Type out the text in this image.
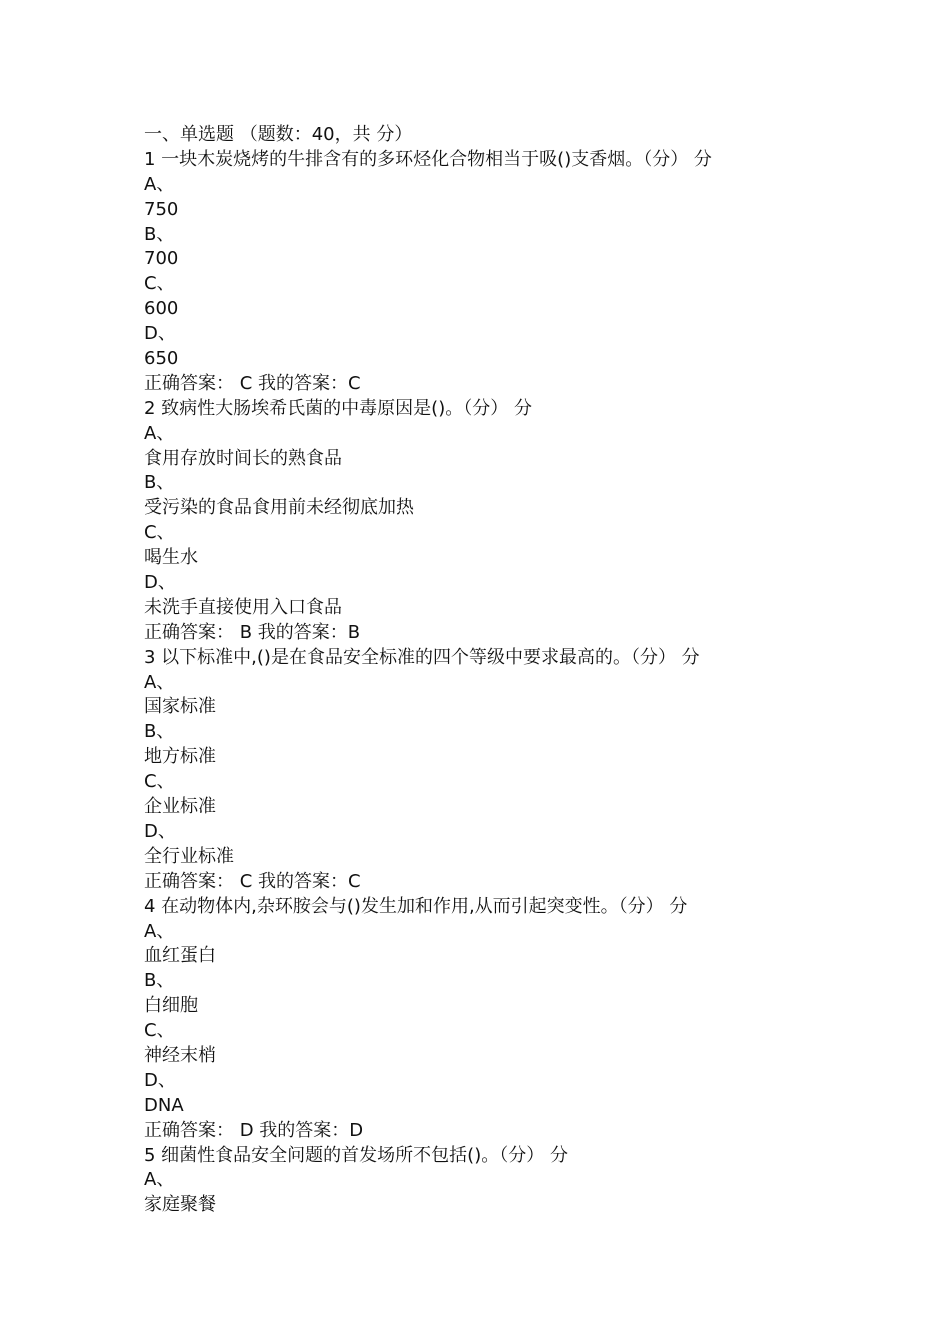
一、单选题 （题数：40，共 分）
1 一块木炭烧烤的牛排含有的多环烃化合物相当于吸()支香烟。（分） 分
A、
750
B、
700
C、
600
D、
650
正确答案： C 我的答案：C
2 致病性大肠埃希氏菌的中毒原因是()。（分） 分
A、
食用存放时间长的熟食品
B、
受污染的食品食用前未经彻底加热
C、
喝生水
D、
未洗手直接使用入口食品
正确答案： B 我的答案：B
3 以下标准中,()是在食品安全标准的四个等级中要求最高的。（分） 分
A、
国家标准
B、
地方标准
C、
企业标准
D、
全行业标准
正确答案： C 我的答案：C
4 在动物体内,杂环胺会与()发生加和作用,从而引起突变性。（分） 分
A、
血红蛋白
B、
白细胞
C、
神经末梢
D、
DNA
正确答案： D 我的答案：D
5 细菌性食品安全问题的首发场所不包括()。（分） 分
A、
家庭聚餐
